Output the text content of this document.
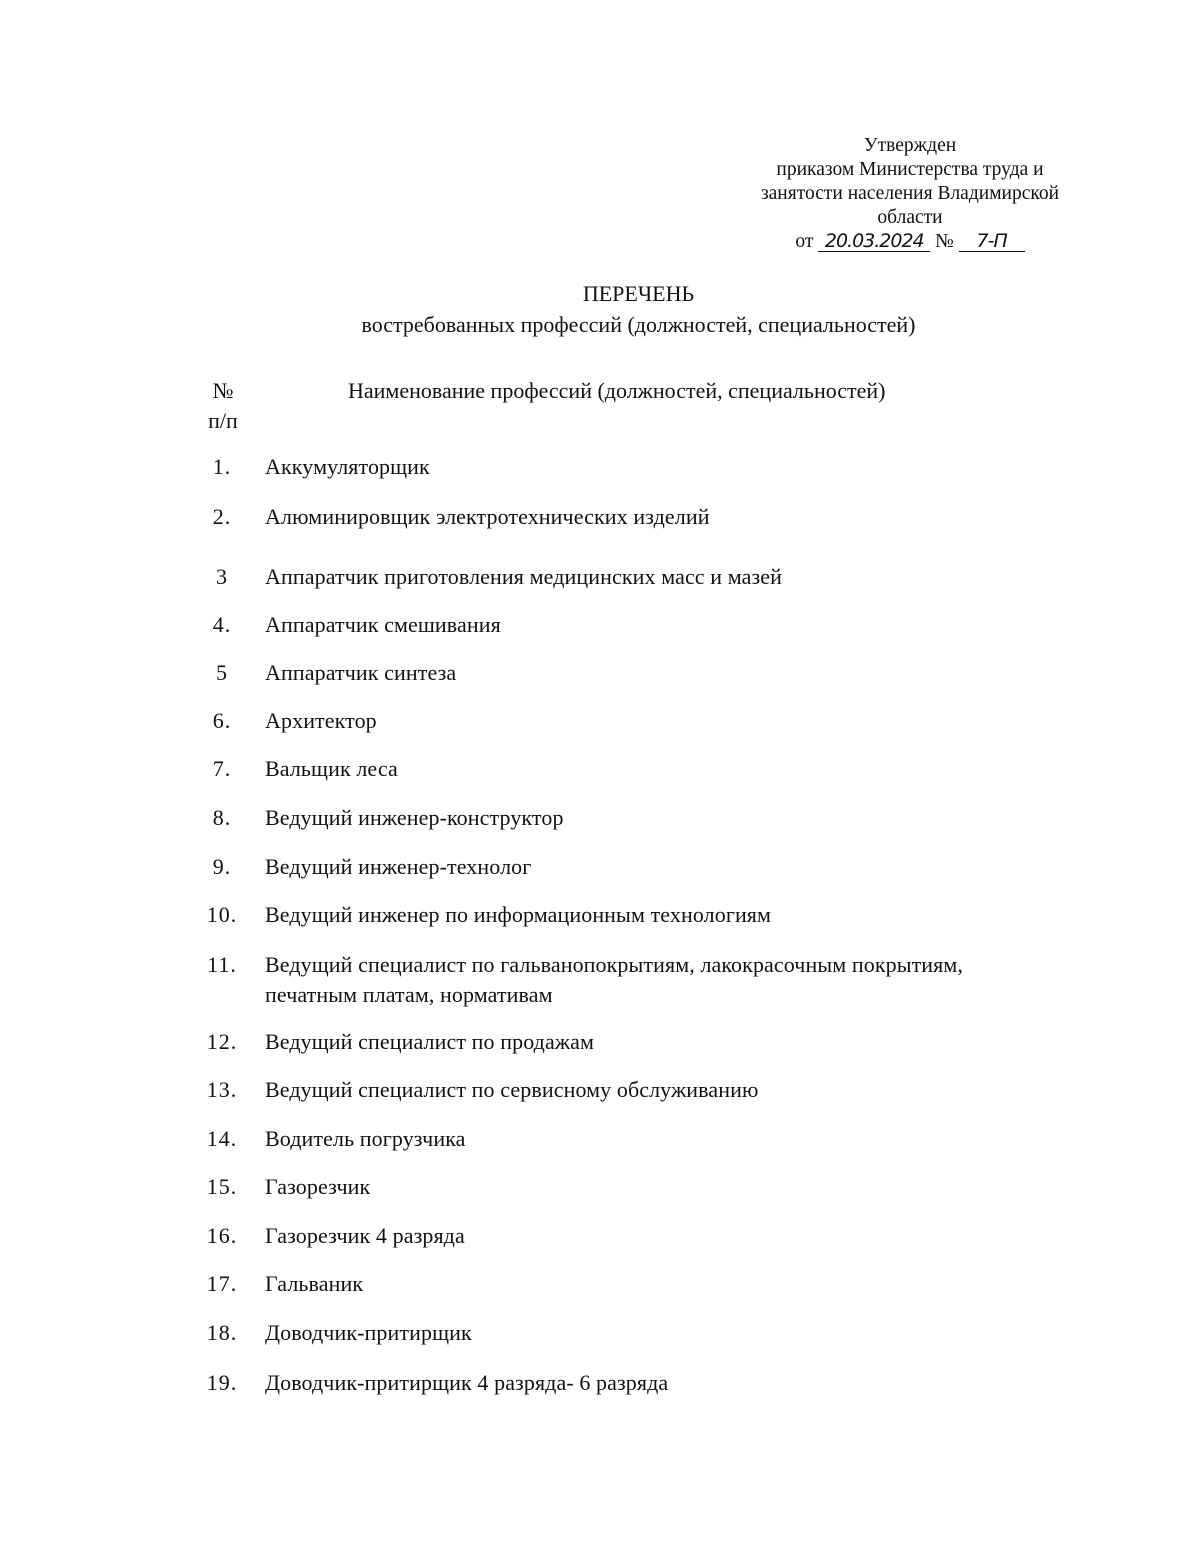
Утвержден
приказом Министерства труда и
занятости населения Владимирской
области
от 20.03.2024 № 7-П
ПЕРЕЧЕНЬ
востребованных профессий (должностей, специальностей)
№
п/п
Наименование профессий (должностей, специальностей)
1.	Аккумуляторщик
2.	Алюминировщик электротехнических изделий
3	Аппаратчик приготовления медицинских масс и мазей
4.	Аппаратчик смешивания
5	Аппаратчик синтеза
6.	Архитектор
7.	Вальщик леса
8.	Ведущий инженер-конструктор
9.	Ведущий инженер-технолог
10.	Ведущий инженер по информационным технологиям
11.	Ведущий специалист по гальванопокрытиям, лакокрасочным покрытиям, печатным платам, нормативам
12.	Ведущий специалист по продажам
13.	Ведущий специалист по сервисному обслуживанию
14.	Водитель погрузчика
15.	Газорезчик
16.	Газорезчик 4 разряда
17.	Гальваник
18.	Доводчик-притирщик
19.	Доводчик-притирщик 4 разряда- 6 разряда
